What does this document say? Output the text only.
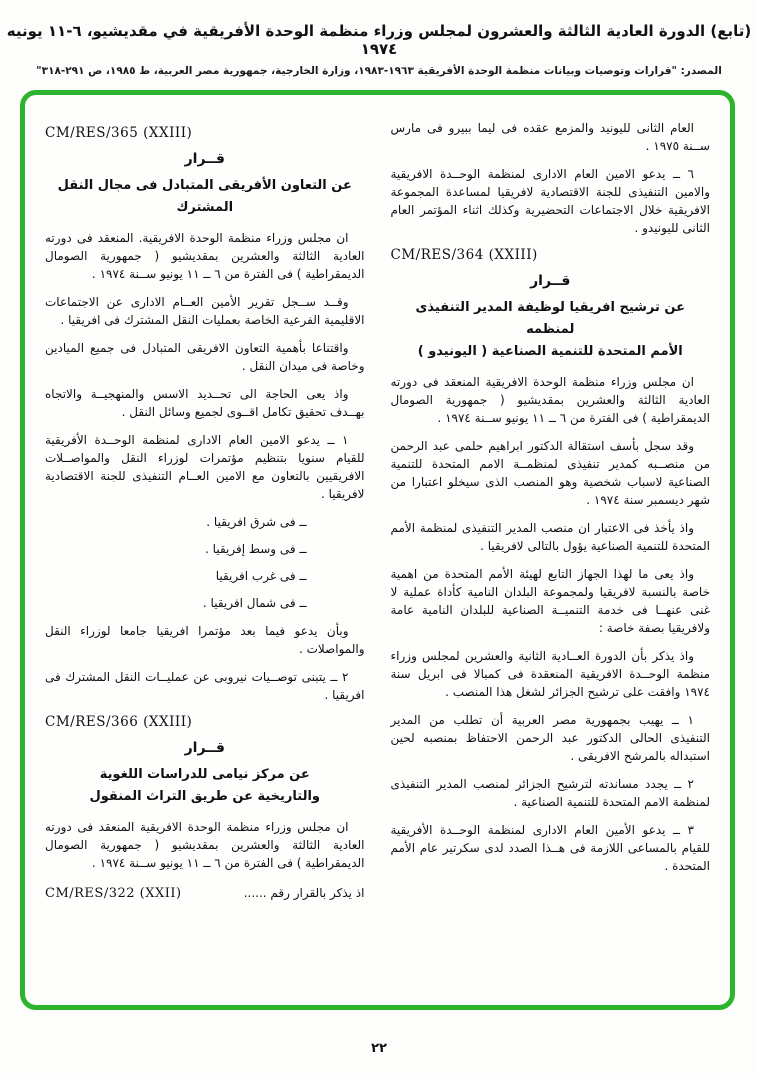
(تابع) الدورة العادية الثالثة والعشرون لمجلس وزراء منظمة الوحدة الأفريقية في مقديشيو، ٦-١١ يونيه ١٩٧٤
المصدر: "قرارات وتوصيات وبيانات منظمة الوحدة الأفريقية ١٩٦٣-١٩٨٣، وزارة الخارجية، جمهورية مصر العربية، ط ١٩٨٥، ص ٢٩١-٣١٨"

العام الثانى لليونيد والمزمع عقده فى ليما ببيرو فى مارس ســنة ١٩٧٥ .

٦ ــ يدعو الامين العام الادارى لمنظمة الوحــدة الافريقية والامين التنفيذى للجنة الاقتصادية لافريقيا لمساعدة المجموعة الافريقية خلال الاجتماعات التحضيرية وكذلك اثناء المؤتمر العام الثانى لليونيدو .

CM/RES/364 (XXIII)
قــرار
عن ترشيح افريقيا لوظيفة المدير التنفيذى لمنظمه
الأمم المتحدة للتنمية الصناعية ( اليونيدو )

ان مجلس وزراء منظمة الوحدة الافريقية المنعقد فى دورته العادية الثالثة والعشرين بمقديشيو ( جمهورية الصومال الديمقراطية ) فى الفترة من ٦ ــ ١١ يونيو ســنة ١٩٧٤ .

وقد سجل بأسف استقالة الدكتور ابراهيم حلمى عبد الرحمن من منصــبه كمدير تنفيذى لمنظمــة الامم المتحدة للتنمية الصناعية لاسباب شخصية وهو المنصب الذى سيخلو اعتبارا من شهر ديسمبر سنة ١٩٧٤ .

واذ يأخذ فى الاعتبار ان منصب المدير التنفيذى لمنظمة الأمم المتحدة للتنمية الصناعية يؤول بالتالى لافريقيا .

واذ يعى ما لهذا الجهاز التابع لهيئة الأمم المتحدة من اهمية خاصة بالنسبة لافريقيا ولمجموعة البلدان النامية كأداة عملية لا غنى عنهــا فى خدمة التنميــة الصناعية للبلدان النامية عامة ولافريقيا بصفة خاصة :

واذ يذكر بأن الدورة العــادية الثانية والعشرين لمجلس وزراء منظمة الوحــدة الافريقية المنعقدة فى كمبالا فى ابريل سنة ١٩٧٤ وافقت على ترشيح الجزائر لشغل هذا المنصب .

١ ــ يهيب بجمهورية مصر العربية أن تطلب من المدير التنفيذى الحالى الدكتور عبد الرحمن الاحتفاظ بمنصبه لحين استبداله بالمرشح الافريقى .

٢ ــ يجدد مساندته لترشيح الجزائر لمنصب المدير التنفيذى لمنظمة الامم المتحدة للتنمية الصناعية .

٣ ــ يدعو الأمين العام الادارى لمنظمة الوحــدة الأفريقية للقيام بالمساعى اللازمة فى هــذا الصدد لدى سكرتير عام الأمم المتحدة .

CM/RES/365 (XXIII)
قــرار
عن التعاون الأفريقى المتبادل فى مجال النقل المشترك

ان مجلس وزراء منظمة الوحدة الافريقية. المنعقد فى دورته العادية الثالثة والعشرين بمقديشيو ( جمهورية الصومال الديمقراطية ) فى الفترة من ٦ ــ ١١ يونيو ســنة ١٩٧٤ .

وقــد ســجل تقرير الأمين العــام الادارى عن الاجتماعات الاقليمية الفرعية الخاصة بعمليات النقل المشترك فى افريقيا .

واقتناعا بأهمية التعاون الافريقى المتبادل فى جميع الميادين وخاصة فى ميدان النقل .

واذ يعى الحاجة الى تحــديد الاسس والمنهجيــة والاتجاه بهــدف تحقيق تكامل اقــوى لجميع وسائل النقل .

١ ــ يدعو الامين العام الادارى لمنظمة الوحــدة الأفريقية للقيام سنويا بتنظيم مؤتمرات لوزراء النقل والمواصــلات الافريقيين بالتعاون مع الامين العــام التنفيذى للجنة الاقتصادية لافريقيا .

ــ فى شرق افريقيا .
ــ فى وسط إفريقيا .
ــ فى غرب افريقيا
ــ فى شمال افريقيا .

وبأن يدعو فيما بعد مؤتمرا افريقيا جامعا لوزراء النقل والمواصلات .

٢ ــ يتبنى توصــيات نيروبى عن عمليــات النقل المشترك فى افريقيا .

CM/RES/366 (XXIII)
قــرار
عن مركز نيامى للدراسات اللغوية
والتاريخية عن طريق التراث المنقول

ان مجلس وزراء منظمة الوحدة الافريقية المنعقد فى دورته العادية الثالثة والعشرين بمقديشيو ( جمهورية الصومال الديمقراطية ) فى الفترة من ٦ ــ ١١ يونيو ســنة ١٩٧٤ .

اذ يذكر بالقرار رقم ......
CM/RES/322 (XXII)
٢٢
